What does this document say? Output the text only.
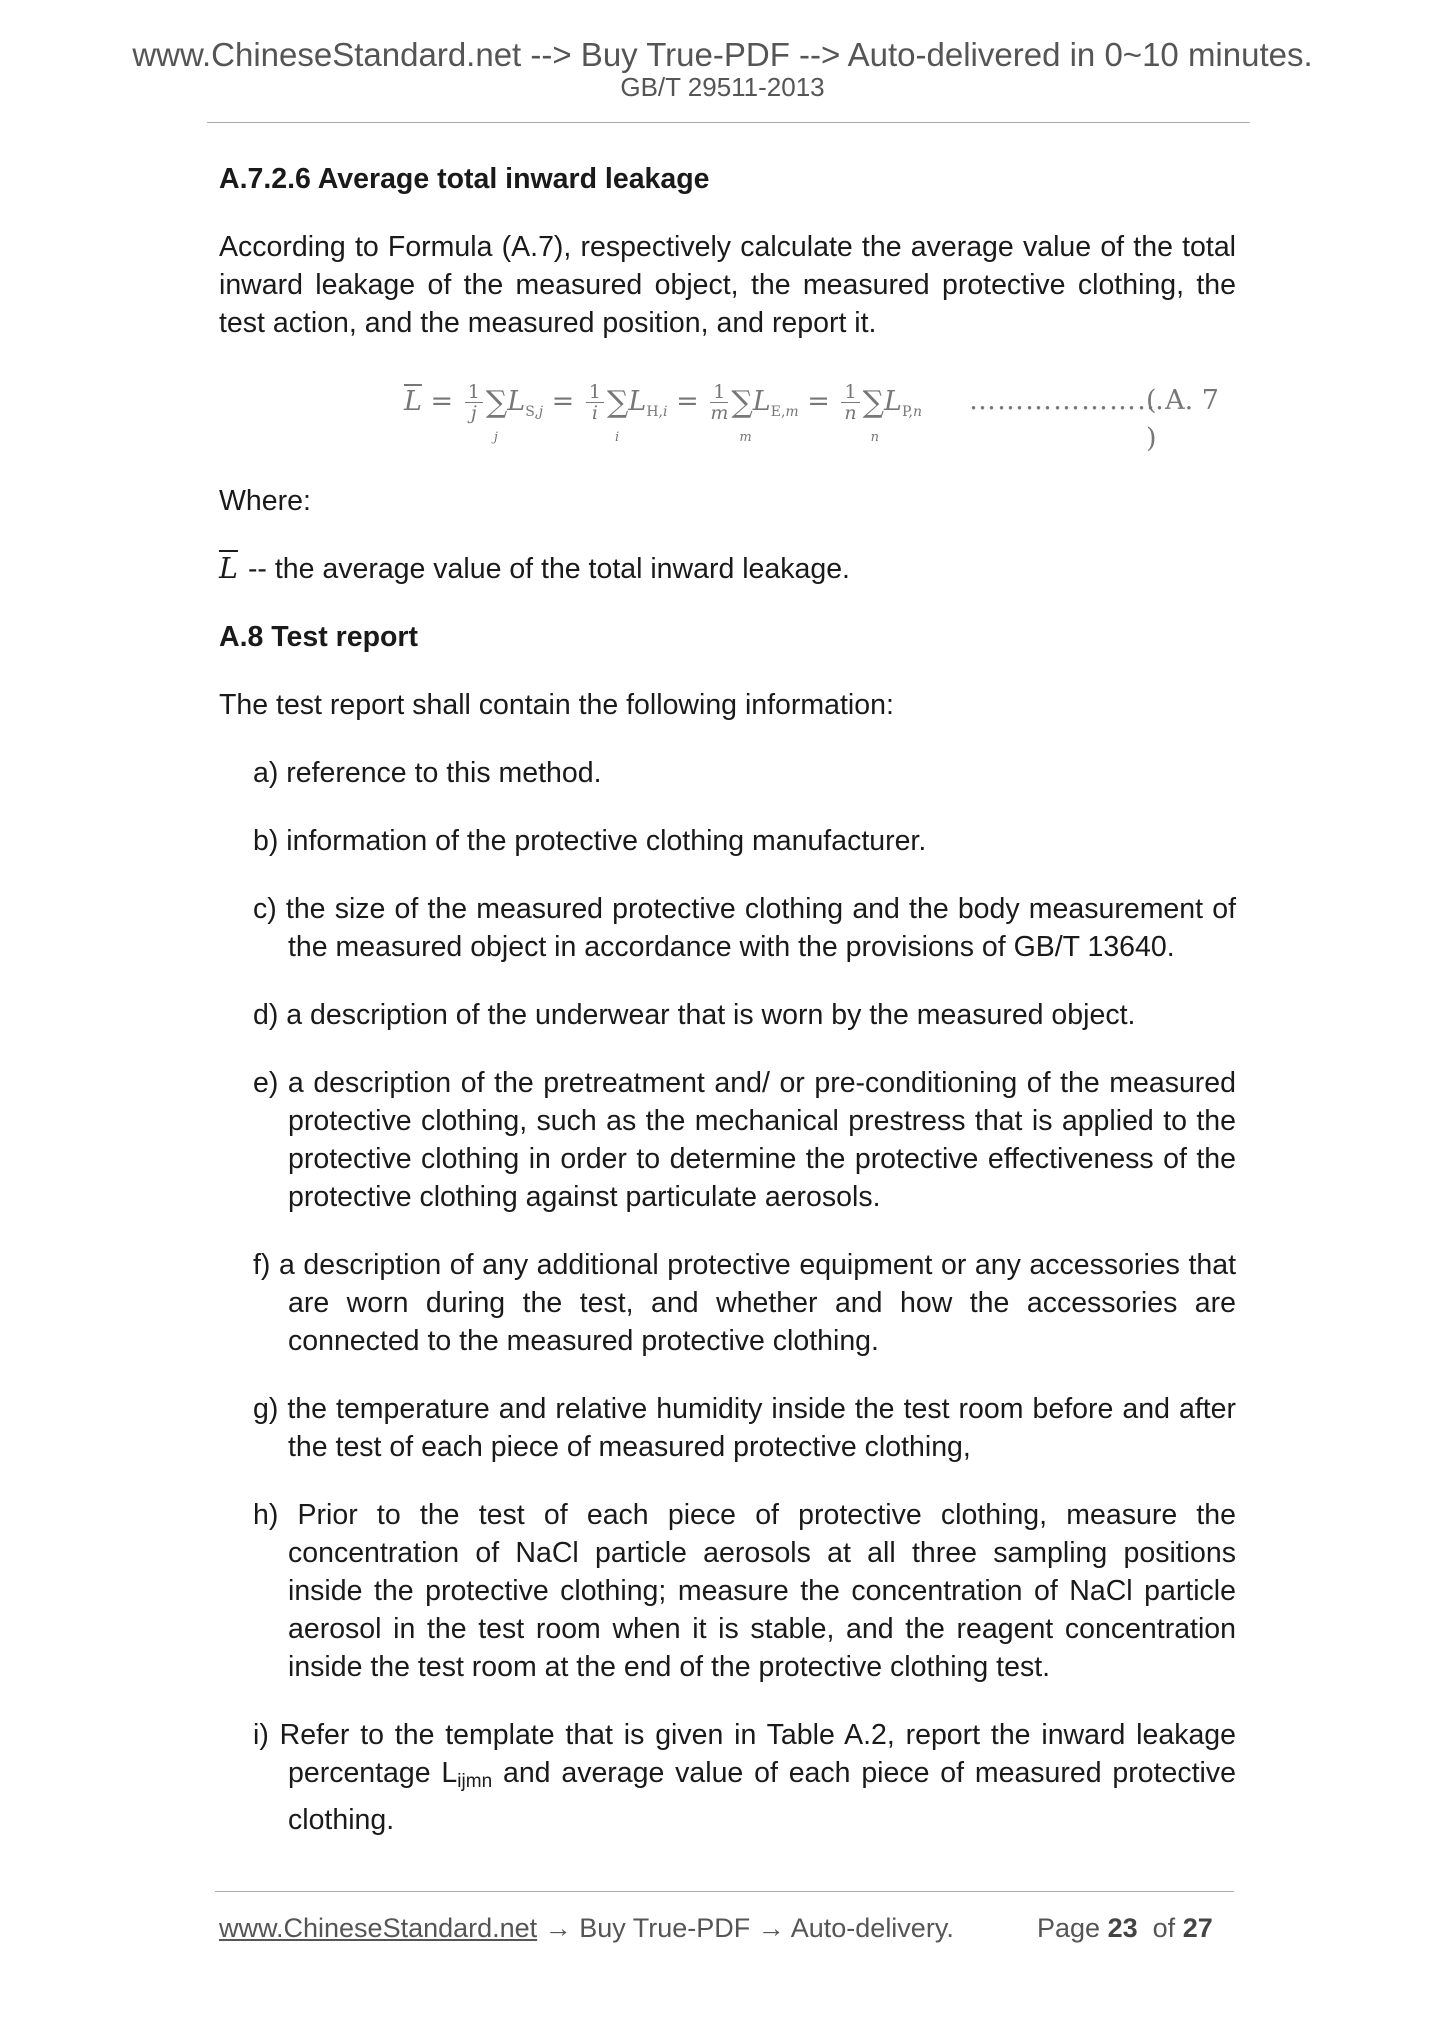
www.ChineseStandard.net --> Buy True-PDF --> Auto-delivered in 0~10 minutes.
GB/T 29511-2013

A.7.2.6 Average total inward leakage

According to Formula (A.7), respectively calculate the average value of the total inward leakage of the measured object, the measured protective clothing, the test action, and the measured position, and report it.

$\overline{L} = \frac{1}{j}$ ∑
j
$L_{S,j} = \frac{1}{i}$ ∑
i
$L_{H,i} = \frac{1}{m}$ ∑
m
$L_{E,m} = \frac{1}{n}$ ∑
n
$L_{P,n}$ …………………
( A. 7 )

Where:

$\overline{L}$ -- the average value of the total inward leakage.

A.8 Test report

The test report shall contain the following information:

a) reference to this method.

b) information of the protective clothing manufacturer.

c) the size of the measured protective clothing and the body measurement of the measured object in accordance with the provisions of GB/T 13640.

d) a description of the underwear that is worn by the measured object.

e) a description of the pretreatment and/ or pre-conditioning of the measured protective clothing, such as the mechanical prestress that is applied to the protective clothing in order to determine the protective effectiveness of the protective clothing against particulate aerosols.

f) a description of any additional protective equipment or any accessories that are worn during the test, and whether and how the accessories are connected to the measured protective clothing.

g) the temperature and relative humidity inside the test room before and after the test of each piece of measured protective clothing,

h) Prior to the test of each piece of protective clothing, measure the concentration of NaCl particle aerosols at all three sampling positions inside the protective clothing; measure the concentration of NaCl particle aerosol in the test room when it is stable, and the reagent concentration inside the test room at the end of the protective clothing test.

i) Refer to the template that is given in Table A.2, report the inward leakage percentage $L_{ijmn}$ and average value of each piece of measured protective clothing.

www.ChineseStandard.net → Buy True-PDF → Auto-delivery.	Page 23 of 27
